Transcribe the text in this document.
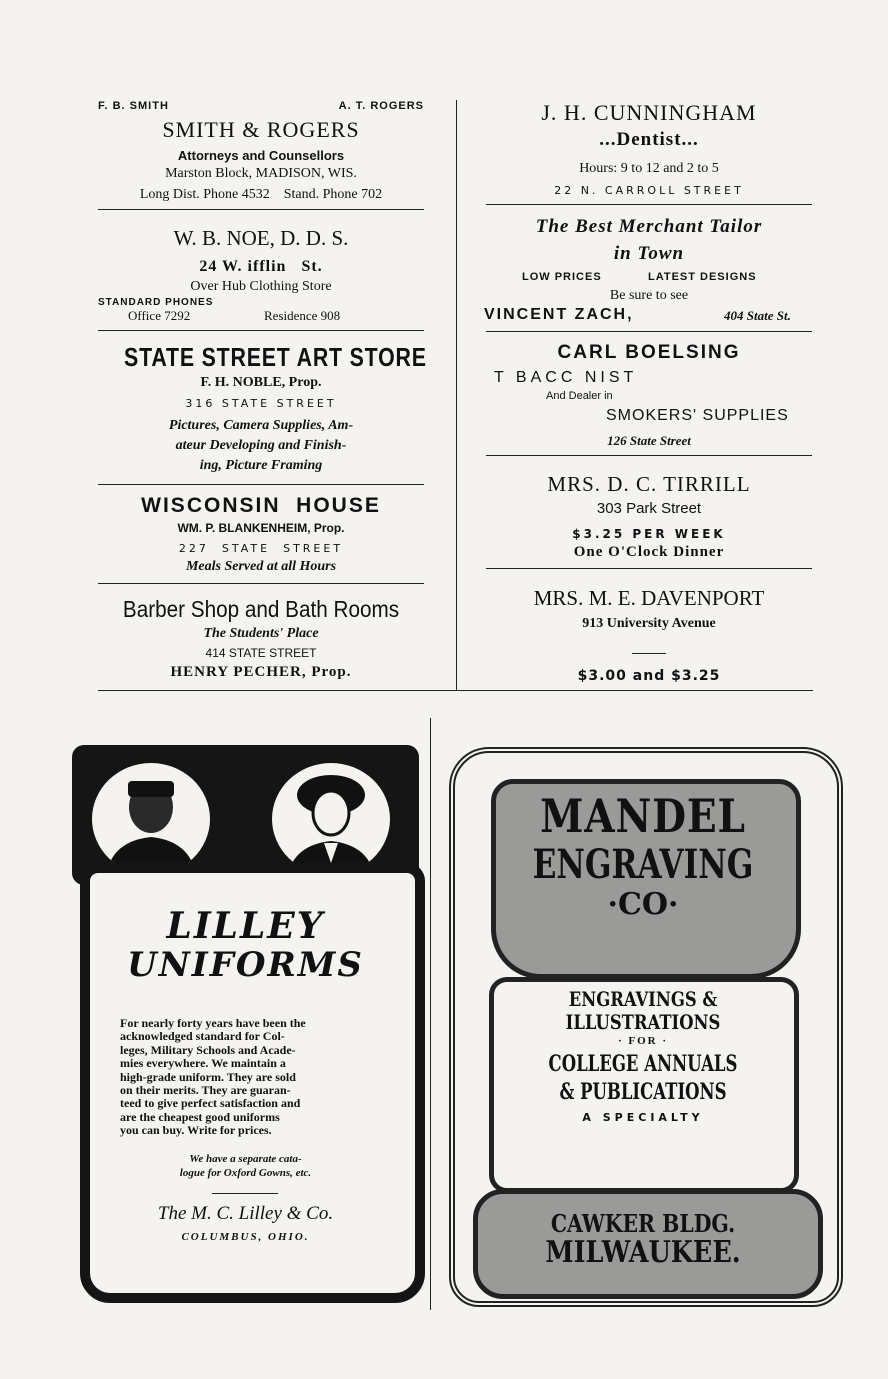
F. B. SMITH	A. T. ROGERS
SMITH & ROGERS
Attorneys and Counsellors
Marston Block, MADISON, WIS.
Long Dist. Phone 4532    Stand. Phone 702
W. B. NOE, D. D. S.
24 W. ifflin   St.
Over Hub Clothing Store
STANDARD PHONES
Office 7292	Residence 908
STATE STREET ART STORE
F. H. NOBLE, Prop.
316 STATE STREET
Pictures, Camera Supplies, Am-
ateur Developing and Finish-
ing, Picture Framing
WISCONSIN  HOUSE
WM. P. BLANKENHEIM, Prop.
227  STATE  STREET
Meals Served at all Hours
Barber Shop and Bath Rooms
The Students' Place
414 STATE STREET
HENRY PECHER, Prop.
J. H. CUNNINGHAM
...Dentist...
Hours: 9 to 12 and 2 to 5
22 N. CARROLL STREET
The Best Merchant Tailor
in Town
LOW PRICES	LATEST DESIGNS
Be sure to see
VINCENT ZACH,	404 State St.
CARL BOELSING
T BACC NIST
And Dealer in
SMOKERS' SUPPLIES
126 State Street
MRS. D. C. TIRRILL
303 Park Street
$3.25 PER WEEK
One O'Clock Dinner
MRS. M. E. DAVENPORT
913 University Avenue
$3.00 and $3.25
LILLEY
UNIFORMS
For nearly forty years have been the
acknowledged standard for Col-
leges, Military Schools and Acade-
mies everywhere. We maintain a
high-grade uniform. They are sold
on their merits. They are guaran-
teed to give perfect satisfaction and
are the cheapest good uniforms
you can buy. Write for prices.
We have a separate cata-
logue for Oxford Gowns, etc.
The M. C. Lilley & Co.
COLUMBUS, OHIO.
MANDEL
ENGRAVING
·CO·
ENGRAVINGS &
ILLUSTRATIONS
· FOR ·
COLLEGE ANNUALS
& PUBLICATIONS
A SPECIALTY
CAWKER BLDG.
MILWAUKEE.
